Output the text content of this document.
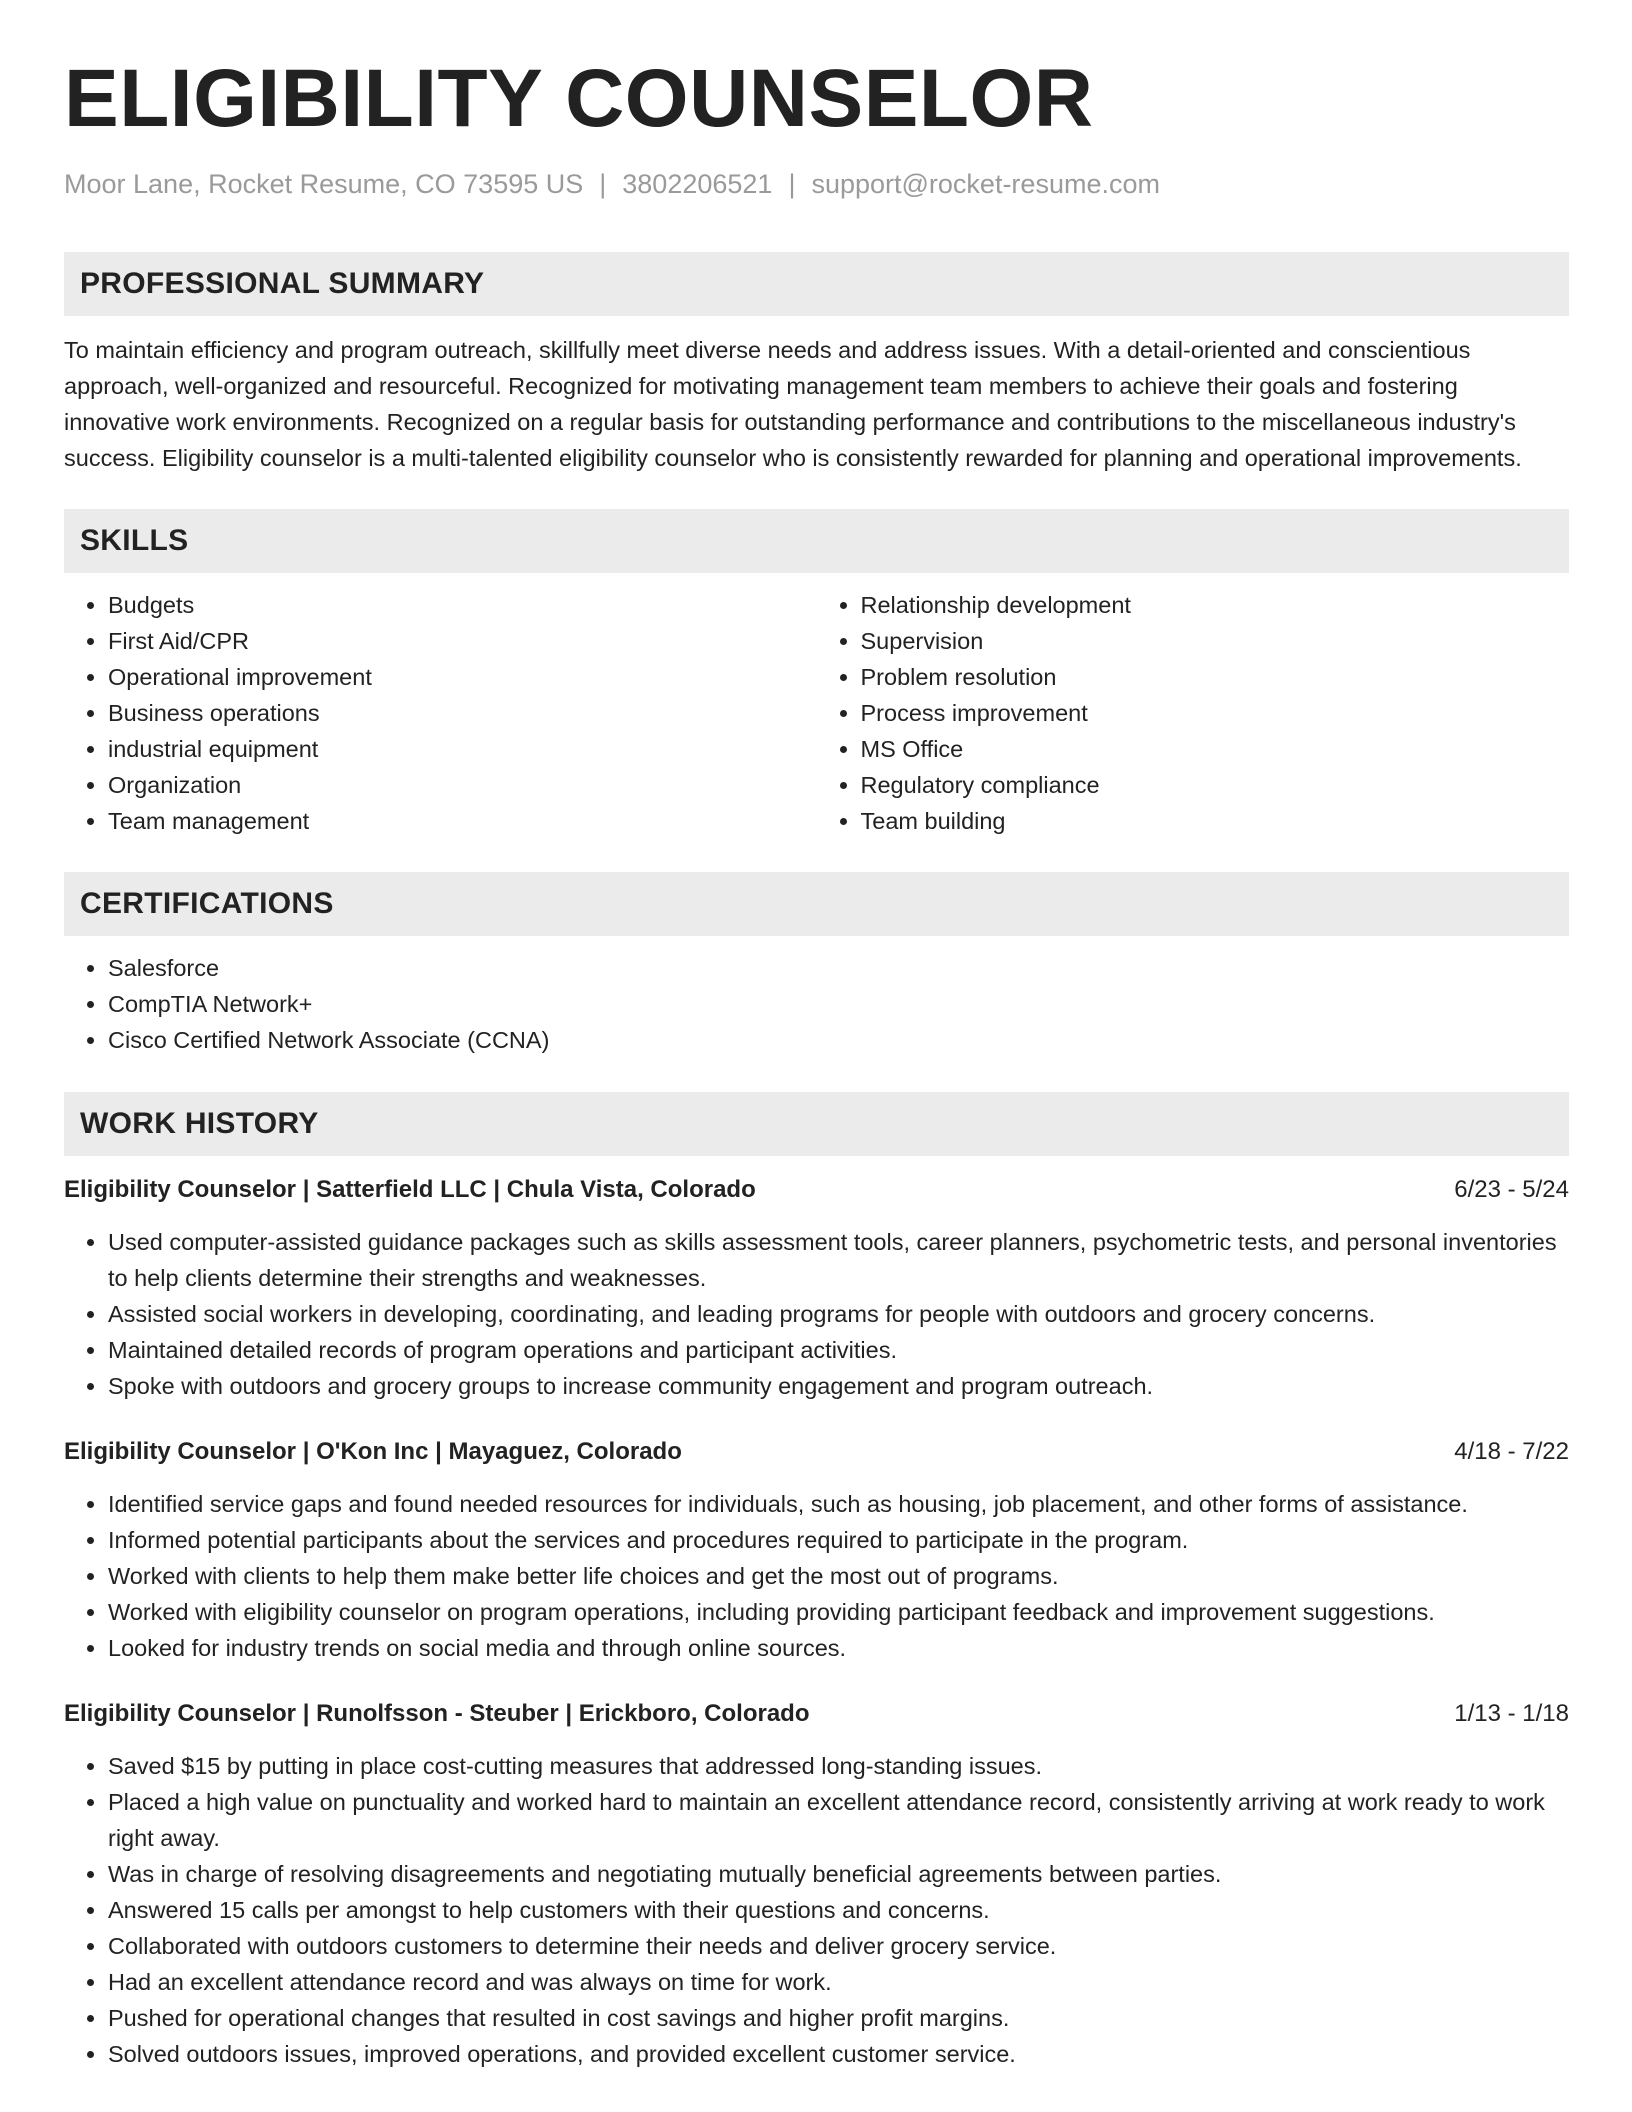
ELIGIBILITY COUNSELOR
Moor Lane, Rocket Resume, CO 73595 US | 3802206521 | support@rocket-resume.com
PROFESSIONAL SUMMARY

To maintain efficiency and program outreach, skillfully meet diverse needs and address issues. With a detail-oriented and conscientious approach, well-organized and resourceful. Recognized for motivating management team members to achieve their goals and fostering innovative work environments. Recognized on a regular basis for outstanding performance and contributions to the miscellaneous industry's success. Eligibility counselor is a multi-talented eligibility counselor who is consistently rewarded for planning and operational improvements.

SKILLS
• Budgets
• First Aid/CPR
• Operational improvement
• Business operations
• industrial equipment
• Organization
• Team management
• Relationship development
• Supervision
• Problem resolution
• Process improvement
• MS Office
• Regulatory compliance
• Team building
CERTIFICATIONS
• Salesforce
• CompTIA Network+
• Cisco Certified Network Associate (CCNA)
WORK HISTORY
Eligibility Counselor | Satterfield LLC | Chula Vista, Colorado	6/23 - 5/24
• Used computer-assisted guidance packages such as skills assessment tools, career planners, psychometric tests, and personal inventories to help clients determine their strengths and weaknesses.
• Assisted social workers in developing, coordinating, and leading programs for people with outdoors and grocery concerns.
• Maintained detailed records of program operations and participant activities.
• Spoke with outdoors and grocery groups to increase community engagement and program outreach.
Eligibility Counselor | O'Kon Inc | Mayaguez, Colorado	4/18 - 7/22
• Identified service gaps and found needed resources for individuals, such as housing, job placement, and other forms of assistance.
• Informed potential participants about the services and procedures required to participate in the program.
• Worked with clients to help them make better life choices and get the most out of programs.
• Worked with eligibility counselor on program operations, including providing participant feedback and improvement suggestions.
• Looked for industry trends on social media and through online sources.
Eligibility Counselor | Runolfsson - Steuber | Erickboro, Colorado	1/13 - 1/18
• Saved $15 by putting in place cost-cutting measures that addressed long-standing issues.
• Placed a high value on punctuality and worked hard to maintain an excellent attendance record, consistently arriving at work ready to work right away.
• Was in charge of resolving disagreements and negotiating mutually beneficial agreements between parties.
• Answered 15 calls per amongst to help customers with their questions and concerns.
• Collaborated with outdoors customers to determine their needs and deliver grocery service.
• Had an excellent attendance record and was always on time for work.
• Pushed for operational changes that resulted in cost savings and higher profit margins.
• Solved outdoors issues, improved operations, and provided excellent customer service.
